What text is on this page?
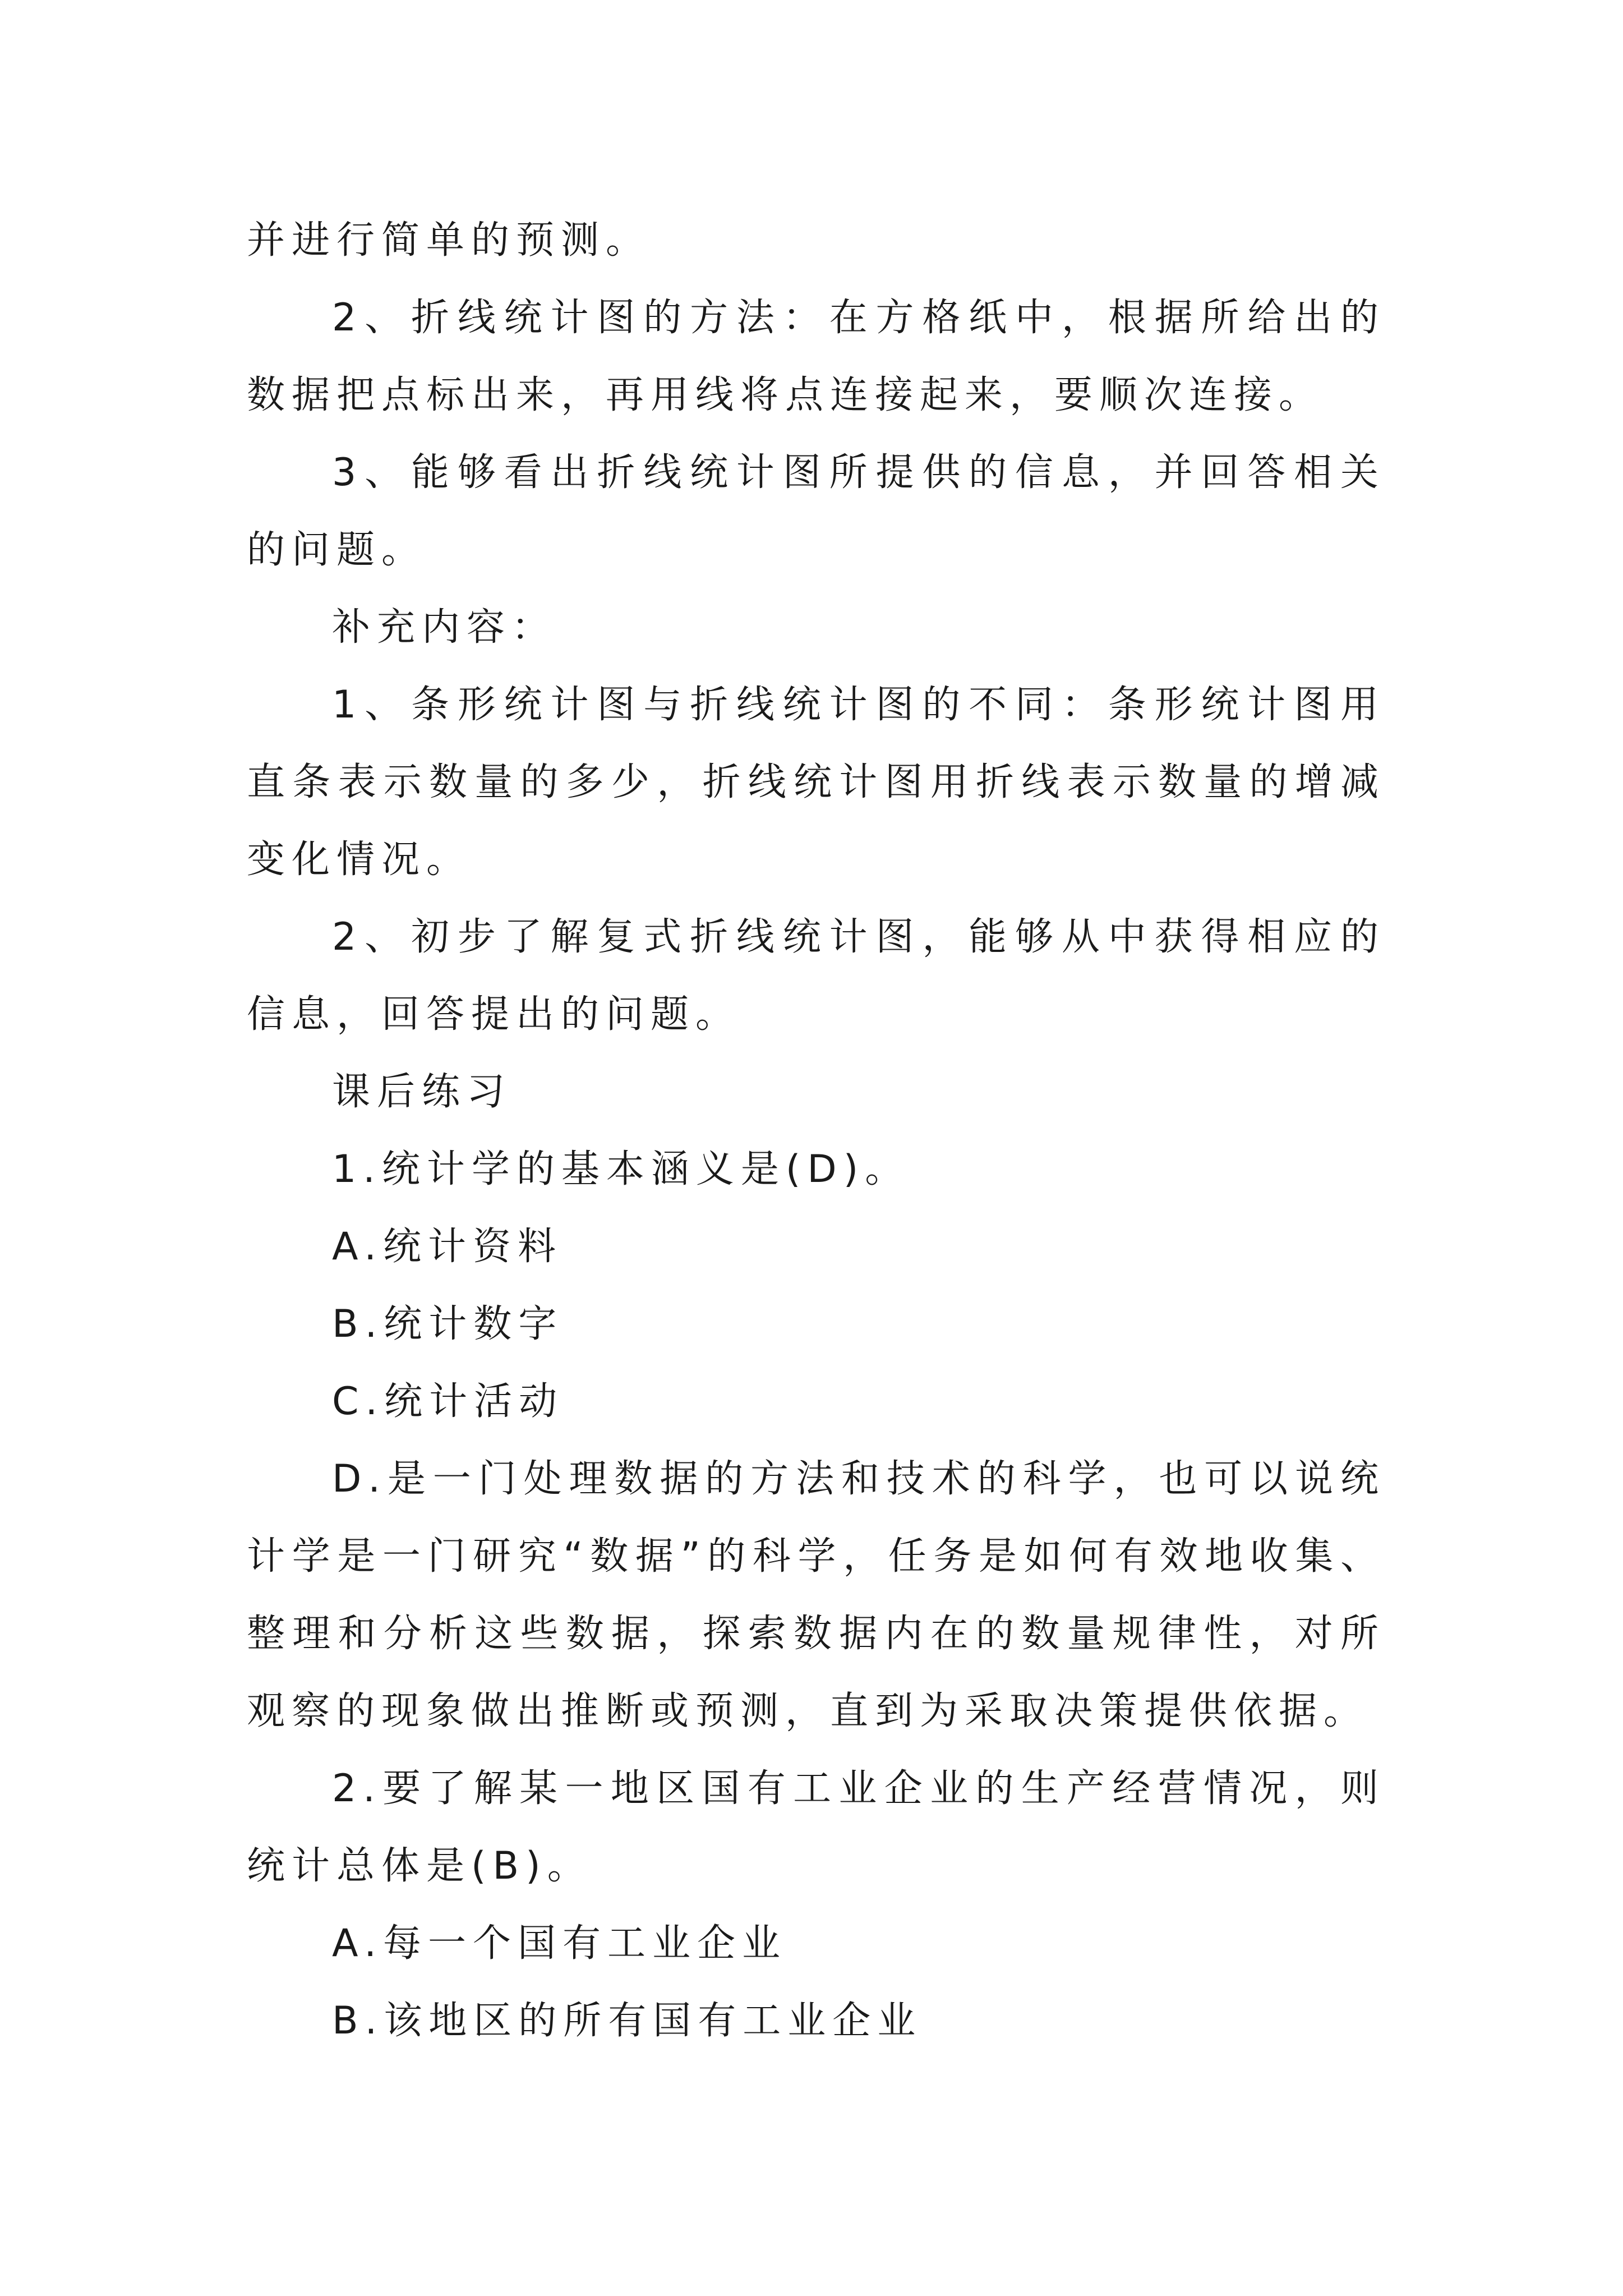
并进行简单的预测。

2、折线统计图的方法：在方格纸中，根据所给出的数据把点标出来，再用线将点连接起来，要顺次连接。

3、能够看出折线统计图所提供的信息，并回答相关的问题。

补充内容：

1、条形统计图与折线统计图的不同：条形统计图用直条表示数量的多少，折线统计图用折线表示数量的增减变化情况。

2、初步了解复式折线统计图，能够从中获得相应的信息，回答提出的问题。

课后练习

1.统计学的基本涵义是(D)。

A.统计资料

B.统计数字

C.统计活动

D.是一门处理数据的方法和技术的科学，也可以说统计学是一门研究“数据”的科学，任务是如何有效地收集、整理和分析这些数据，探索数据内在的数量规律性，对所观察的现象做出推断或预测，直到为采取决策提供依据。

2.要了解某一地区国有工业企业的生产经营情况，则统计总体是(B)。

A.每一个国有工业企业

B.该地区的所有国有工业企业
